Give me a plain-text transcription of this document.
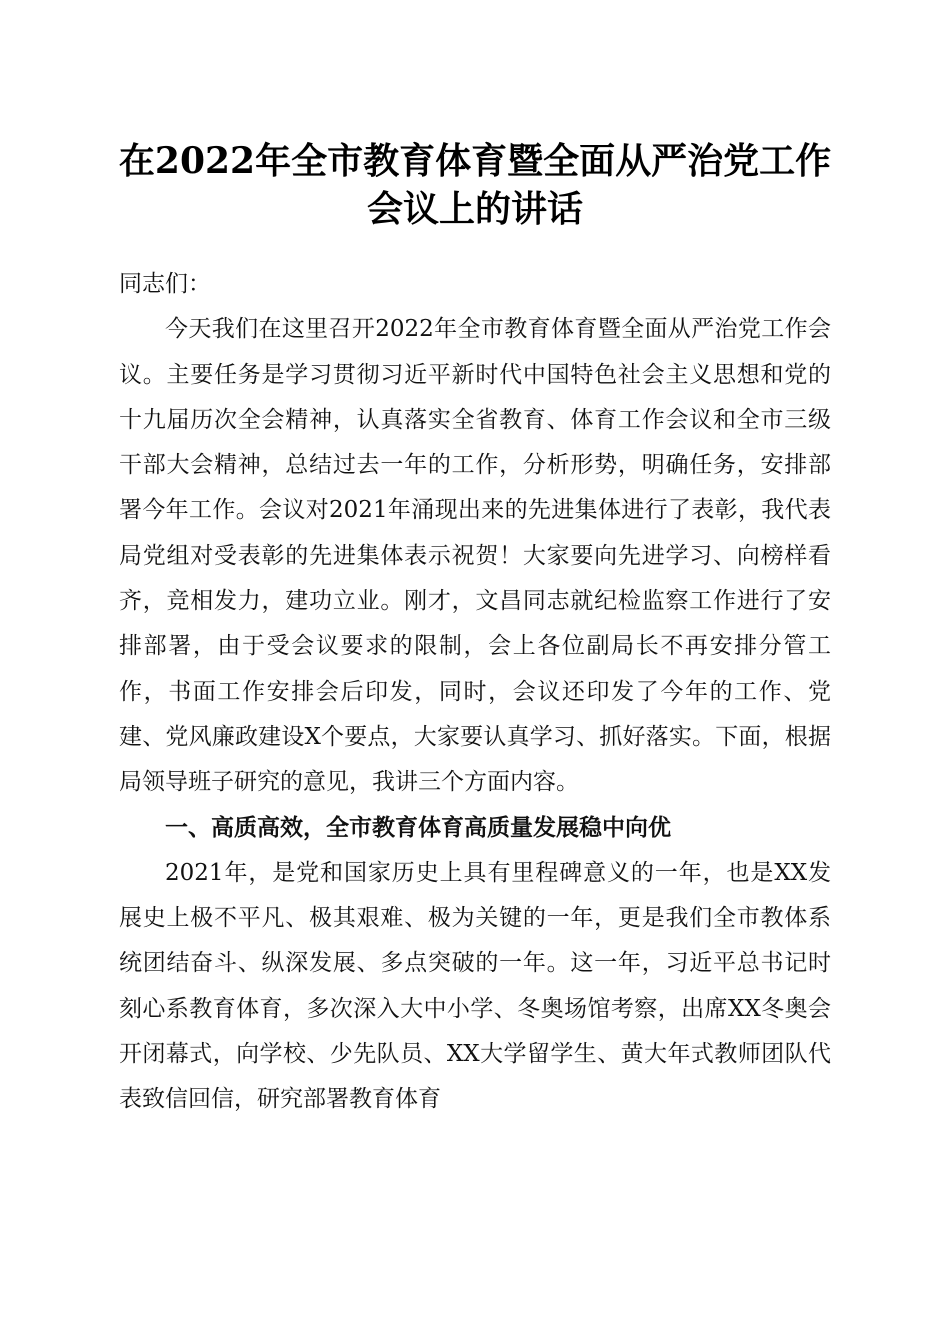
在2022年全市教育体育暨全面从严治党工作
会议上的讲话

同志们：

今天我们在这里召开2022年全市教育体育暨全面从严治党工作会议。主要任务是学习贯彻习近平新时代中国特色社会主义思想和党的十九届历次全会精神，认真落实全省教育、体育工作会议和全市三级干部大会精神，总结过去一年的工作，分析形势，明确任务，安排部署今年工作。会议对2021年涌现出来的先进集体进行了表彰，我代表局党组对受表彰的先进集体表示祝贺！大家要向先进学习、向榜样看齐，竞相发力，建功立业。刚才，文昌同志就纪检监察工作进行了安排部署，由于受会议要求的限制，会上各位副局长不再安排分管工作，书面工作安排会后印发，同时，会议还印发了今年的工作、党建、党风廉政建设X个要点，大家要认真学习、抓好落实。下面，根据局领导班子研究的意见，我讲三个方面内容。

一、高质高效，全市教育体育高质量发展稳中向优

2021年，是党和国家历史上具有里程碑意义的一年，也是XX发展史上极不平凡、极其艰难、极为关键的一年，更是我们全市教体系统团结奋斗、纵深发展、多点突破的一年。这一年，习近平总书记时刻心系教育体育，多次深入大中小学、冬奥场馆考察，出席XX冬奥会开闭幕式，向学校、少先队员、XX大学留学生、黄大年式教师团队代表致信回信，研究部署教育体育
